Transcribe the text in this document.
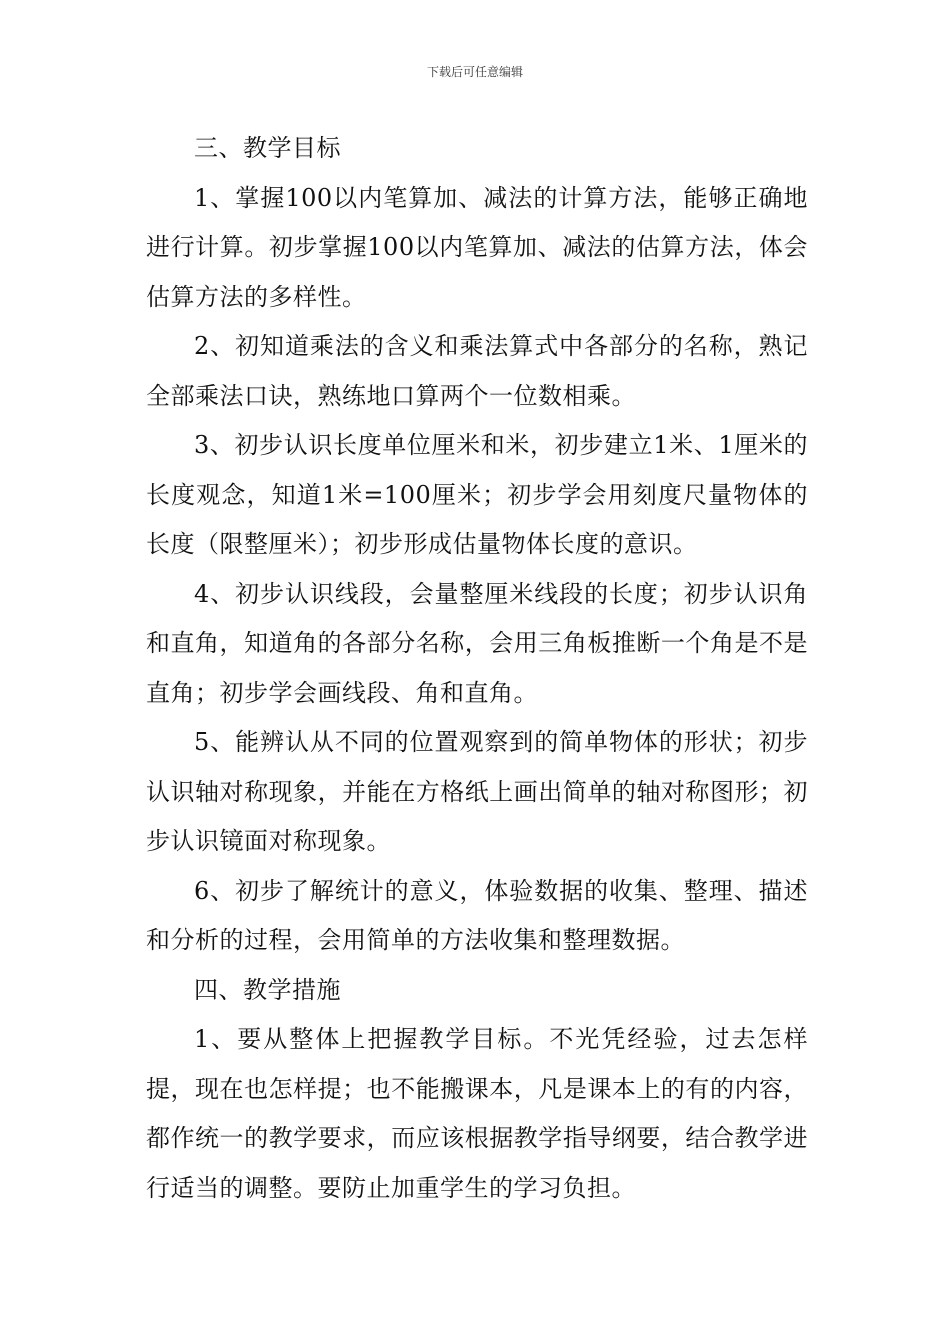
下载后可任意编辑

三、教学目标

1、掌握100以内笔算加、减法的计算方法，能够正确地进行计算。初步掌握100以内笔算加、减法的估算方法，体会估算方法的多样性。

2、初知道乘法的含义和乘法算式中各部分的名称，熟记全部乘法口诀，熟练地口算两个一位数相乘。

3、初步认识长度单位厘米和米，初步建立1米、1厘米的长度观念，知道1米=100厘米；初步学会用刻度尺量物体的长度（限整厘米）；初步形成估量物体长度的意识。

4、初步认识线段，会量整厘米线段的长度；初步认识角和直角，知道角的各部分名称，会用三角板推断一个角是不是直角；初步学会画线段、角和直角。

5、能辨认从不同的位置观察到的简单物体的形状；初步认识轴对称现象，并能在方格纸上画出简单的轴对称图形；初步认识镜面对称现象。

6、初步了解统计的意义，体验数据的收集、整理、描述和分析的过程，会用简单的方法收集和整理数据。

四、教学措施

1、要从整体上把握教学目标。不光凭经验，过去怎样提，现在也怎样提；也不能搬课本，凡是课本上的有的内容，都作统一的教学要求，而应该根据教学指导纲要，结合教学进行适当的调整。要防止加重学生的学习负担。
